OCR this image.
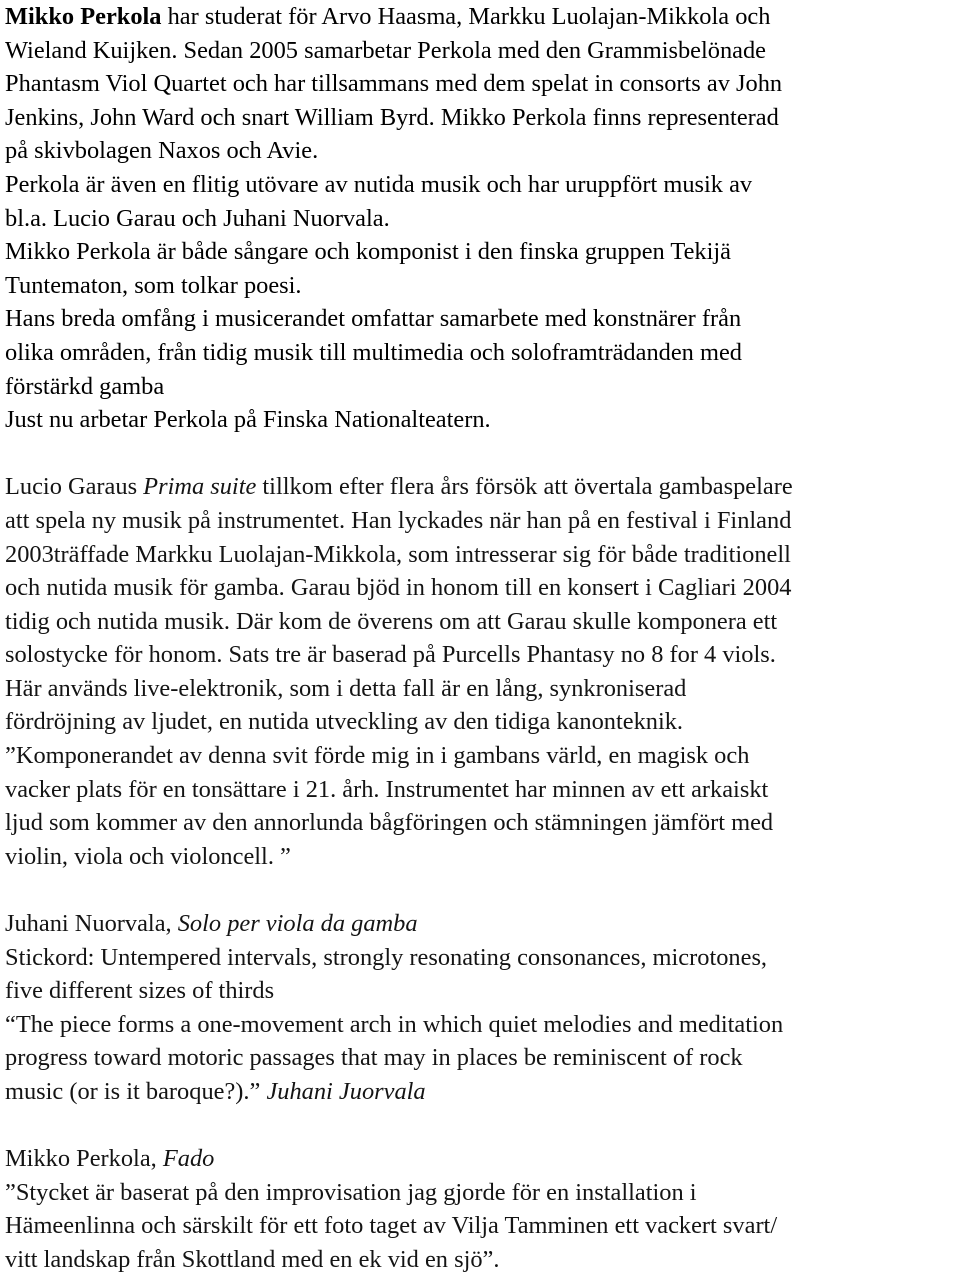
Mikko Perkola har studerat för Arvo Haasma, Markku Luolajan-Mikkola och
Wieland Kuijken. Sedan 2005 samarbetar Perkola med den Grammisbelönade
Phantasm Viol Quartet och har tillsammans med dem spelat in consorts av John
Jenkins, John Ward och snart William Byrd. Mikko Perkola finns representerad
på skivbolagen Naxos och Avie.
Perkola är även en flitig utövare av nutida musik och har uruppfört musik av
bl.a. Lucio Garau och Juhani Nuorvala.
Mikko Perkola är både sångare och komponist i den finska gruppen Tekijä
Tuntematon, som tolkar poesi.
Hans breda omfång i musicerandet omfattar samarbete med konstnärer från
olika områden, från tidig musik till multimedia och soloframträdanden med
förstärkd gamba
Just nu arbetar Perkola på Finska Nationalteatern.
Lucio Garaus Prima suite tillkom efter flera års försök att övertala gambaspelare
att spela ny musik på instrumentet. Han lyckades när han på en festival i Finland
2003träffade Markku Luolajan-Mikkola, som intresserar sig för både traditionell
och nutida musik för gamba. Garau bjöd in honom till en konsert i Cagliari 2004
tidig och nutida musik. Där kom de överens om att Garau skulle komponera ett
solostycke för honom. Sats tre är baserad på Purcells Phantasy no 8 for 4 viols.
Här används live-elektronik, som i detta fall är en lång, synkroniserad
fördröjning av ljudet, en nutida utveckling av den tidiga kanonteknik.
”Komponerandet av denna svit förde mig in i gambans värld, en magisk och
vacker plats för en tonsättare i 21. årh. Instrumentet har minnen av ett arkaiskt
ljud som kommer av den annorlunda bågföringen och stämningen jämfört med
violin, viola och violoncell. ”
Juhani Nuorvala, Solo per viola da gamba
Stickord: Untempered intervals, strongly resonating consonances, microtones,
five different sizes of thirds
“The piece forms a one-movement arch in which quiet melodies and meditation
progress toward motoric passages that may in places be reminiscent of rock
music (or is it baroque?).” Juhani Juorvala
Mikko Perkola, Fado
”Stycket är baserat på den improvisation jag gjorde för en installation i
Hämeenlinna och särskilt för ett foto taget av Vilja Tamminen ett vackert svart/
vitt landskap från Skottland med en ek vid en sjö”.
